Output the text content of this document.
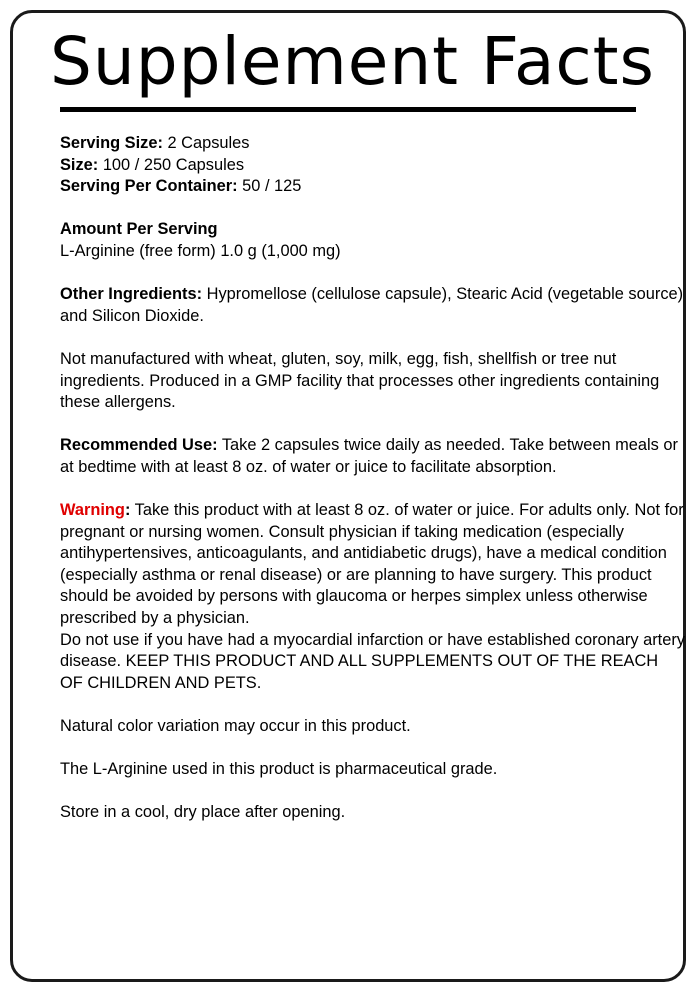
Supplement Facts

Serving Size: 2 Capsules
Size: 100 / 250 Capsules
Serving Per Container: 50 / 125

Amount Per Serving
L-Arginine (free form) 1.0 g (1,000 mg)

Other Ingredients: Hypromellose (cellulose capsule), Stearic Acid (vegetable source) and Silicon Dioxide.

Not manufactured with wheat, gluten, soy, milk, egg, fish, shellfish or tree nut ingredients. Produced in a GMP facility that processes other ingredients containing these allergens.

Recommended Use: Take 2 capsules twice daily as needed. Take between meals or at bedtime with at least 8 oz. of water or juice to facilitate absorption.

Warning: Take this product with at least 8 oz. of water or juice. For adults only. Not for pregnant or nursing women. Consult physician if taking medication (especially antihypertensives, anticoagulants, and antidiabetic drugs), have a medical condition (especially asthma or renal disease) or are planning to have surgery. This product should be avoided by persons with glaucoma or herpes simplex unless otherwise prescribed by a physician.
Do not use if you have had a myocardial infarction or have established coronary artery disease. KEEP THIS PRODUCT AND ALL SUPPLEMENTS OUT OF THE REACH OF CHILDREN AND PETS.

Natural color variation may occur in this product.

The L-Arginine used in this product is pharmaceutical grade.

Store in a cool, dry place after opening.
